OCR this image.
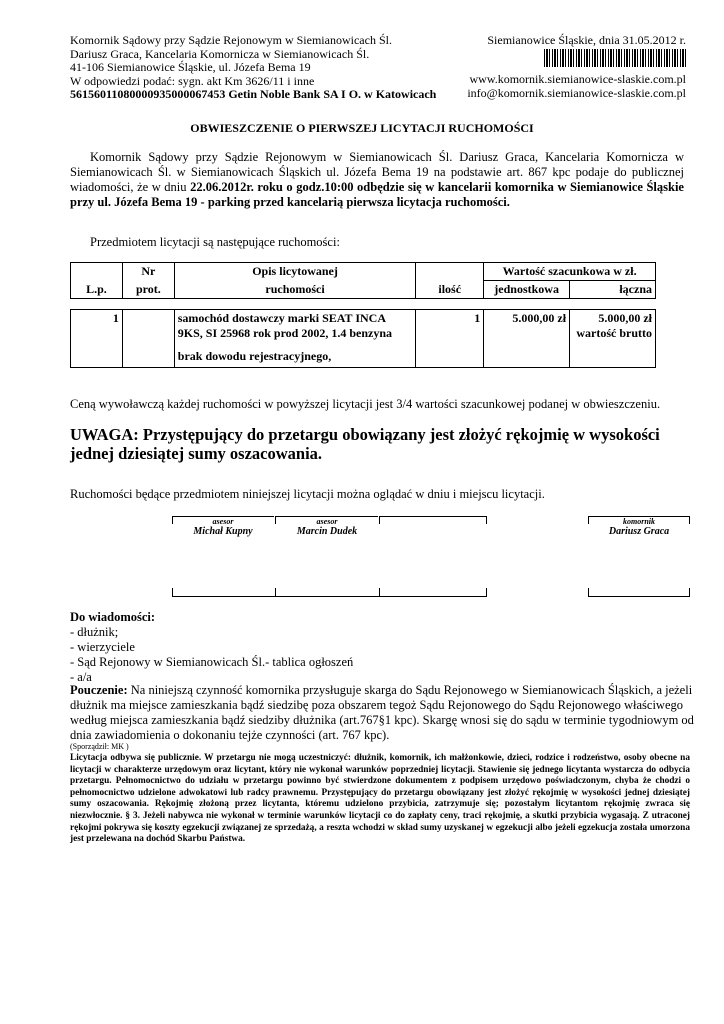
Komornik Sądowy przy Sądzie Rejonowym w Siemianowicach Śl.
Dariusz Graca, Kancelaria Komornicza w Siemianowicach Śl.
41-106 Siemianowice Śląskie, ul. Józefa Bema 19
W odpowiedzi podać: sygn. akt Km 3626/11 i inne
56156011080000935000067453 Getin Noble Bank SA I O. w Katowicach
Siemianowice Śląskie, dnia 31.05.2012 r.
www.komornik.siemianowice-slaskie.com.pl
info@komornik.siemianowice-slaskie.com.pl
OBWIESZCZENIE O PIERWSZEJ LICYTACJI RUCHOMOŚCI
Komornik Sądowy przy Sądzie Rejonowym w Siemianowicach Śl. Dariusz Graca, Kancelaria Komornicza w Siemianowicach Śl. w Siemianowicach Śląskich ul. Józefa Bema 19 na podstawie art. 867 kpc podaje do publicznej wiadomości, że w dniu 22.06.2012r. roku o godz.10:00 odbędzie się w kancelarii komornika w Siemianowice Śląskie przy ul. Józefa Bema 19 - parking przed kancelarią pierwsza licytacja ruchomości.
Przedmiotem licytacji są następujące ruchomości:
L.p.	Nr	Opis licytowanej	ilość	Wartość szacunkowa w zł.	
	prot.	ruchomości		jednostkowa	łączna
1		samochód dostawczy marki SEAT INCA
9KS, SI 25968 rok prod 2002, 1.4 benzyna
brak dowodu rejestracyjnego,
	1	5.000,00 zł	5.000,00 zł
wartość brutto
Ceną wywoławczą każdej ruchomości w powyższej licytacji jest 3/4 wartości szacunkowej podanej w obwieszczeniu.
UWAGA: Przystępujący do przetargu obowiązany jest złożyć rękojmię w wysokości jednej dziesiątej sumy oszacowania.
Ruchomości będące przedmiotem niniejszej licytacji można oglądać w dniu i miejscu licytacji.
asesor
Michał Kupny
asesor
Marcin Dudek
komornik
Dariusz Graca
Do wiadomości:
- dłużnik;
- wierzyciele
- Sąd Rejonowy w Siemianowicach Śl.- tablica ogłoszeń
- a/a
Pouczenie: Na niniejszą czynność komornika przysługuje skarga do Sądu Rejonowego w Siemianowicach Śląskich, a jeżeli dłużnik ma miejsce zamieszkania bądź siedzibę poza obszarem tegoż Sądu Rejonowego do Sądu Rejonowego właściwego według miejsca zamieszkania bądź siedziby dłużnika (art.767§1 kpc). Skargę wnosi się do sądu w terminie tygodniowym od dnia zawiadomienia o dokonaniu tejże czynności (art. 767 kpc).
(Sporządził: MK )
Licytacja odbywa się publicznie. W przetargu nie mogą uczestniczyć: dłużnik, komornik, ich małżonkowie, dzieci, rodzice i rodzeństwo, osoby obecne na licytacji w charakterze urzędowym oraz licytant, który nie wykonał warunków poprzedniej licytacji. Stawienie się jednego licytanta wystarcza do odbycia przetargu. Pełnomocnictwo do udziału w przetargu powinno być stwierdzone dokumentem z podpisem urzędowo poświadczonym, chyba że chodzi o pełnomocnictwo udzielone adwokatowi lub radcy prawnemu. Przystępujący do przetargu obowiązany jest złożyć rękojmię w wysokości jednej dziesiątej sumy oszacowania. Rękojmię złożoną przez licytanta, któremu udzielono przybicia, zatrzymuje się; pozostałym licytantom rękojmię zwraca się niezwłocznie. § 3. Jeżeli nabywca nie wykonał w terminie warunków licytacji co do zapłaty ceny, traci rękojmię, a skutki przybicia wygasają. Z utraconej rękojmi pokrywa się koszty egzekucji związanej ze sprzedażą, a reszta wchodzi w skład sumy uzyskanej w egzekucji albo jeżeli egzekucja została umorzona jest przelewana na dochód Skarbu Państwa.
